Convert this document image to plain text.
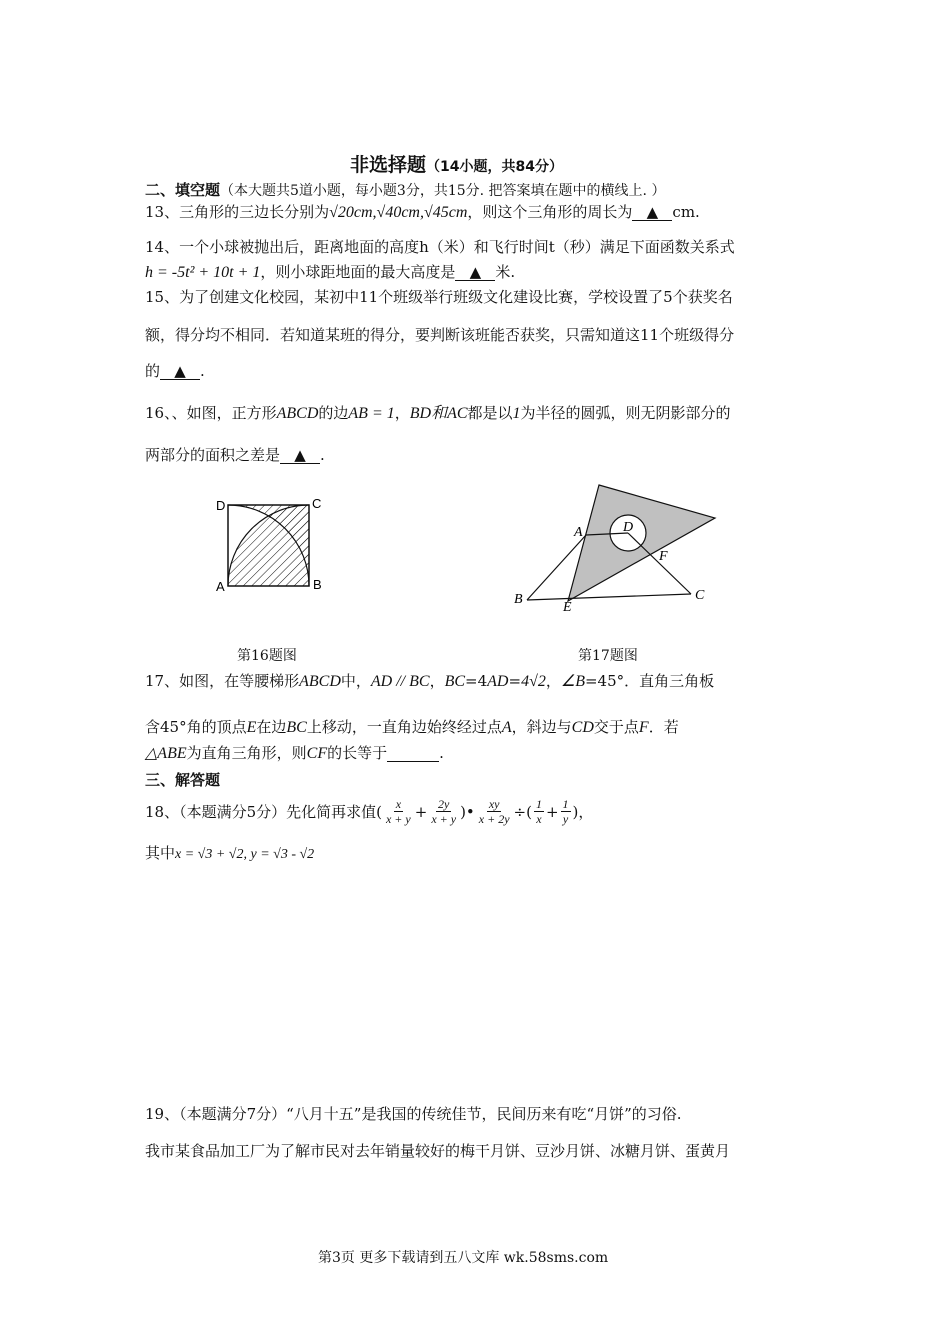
非选择题（14小题，共84分）
二、填空题（本大题共5道小题，每小题3分，共15分. 把答案填在题中的横线上. ）
13、三角形的三边长分别为√20cm,√40cm,√45cm，则这个三角形的周长为 ▲ cm.
14、一个小球被抛出后，距离地面的高度h（米）和飞行时间t（秒）满足下面函数关系式
h = -5t² + 10t + 1，则小球距地面的最大高度是 ▲ 米.
15、为了创建文化校园，某初中11个班级举行班级文化建设比赛，学校设置了5个获奖名
额，得分均不相同．若知道某班的得分，要判断该班能否获奖，只需知道这11个班级得分
的 ▲ .
16、、如图，正方形ABCD的边AB = 1，BD和AC都是以1为半径的圆弧，则无阴影部分的
两部分的面积之差是 ▲ .
D	C
A	B
A	D
F
B
E
C
第16题图	第17题图
17、如图，在等腰梯形ABCD中，AD // BC，BC=4AD=4√2，∠B=45°．直角三角板
含45°角的顶点E在边BC上移动，一直角边始终经过点A，斜边与CD交于点F．若
△ABE为直角三角形，则CF的长等于	.
三、解答题
18、（本题满分5分）先化简再求值( $\frac{x}{x + y} + \frac{2y}{x + y}$ )• $\frac{xy}{x + 2y}$ ÷( $\frac{1}{x} + \frac{1}{y}$ )，
其中x = √3 + √2, y = √3 - √2
19、（本题满分7分）“八月十五”是我国的传统佳节，民间历来有吃“月饼”的习俗.
我市某食品加工厂为了解市民对去年销量较好的梅干月饼、豆沙月饼、冰糖月饼、蛋黄月
第3页 更多下载请到五八文库 wk.58sms.com
